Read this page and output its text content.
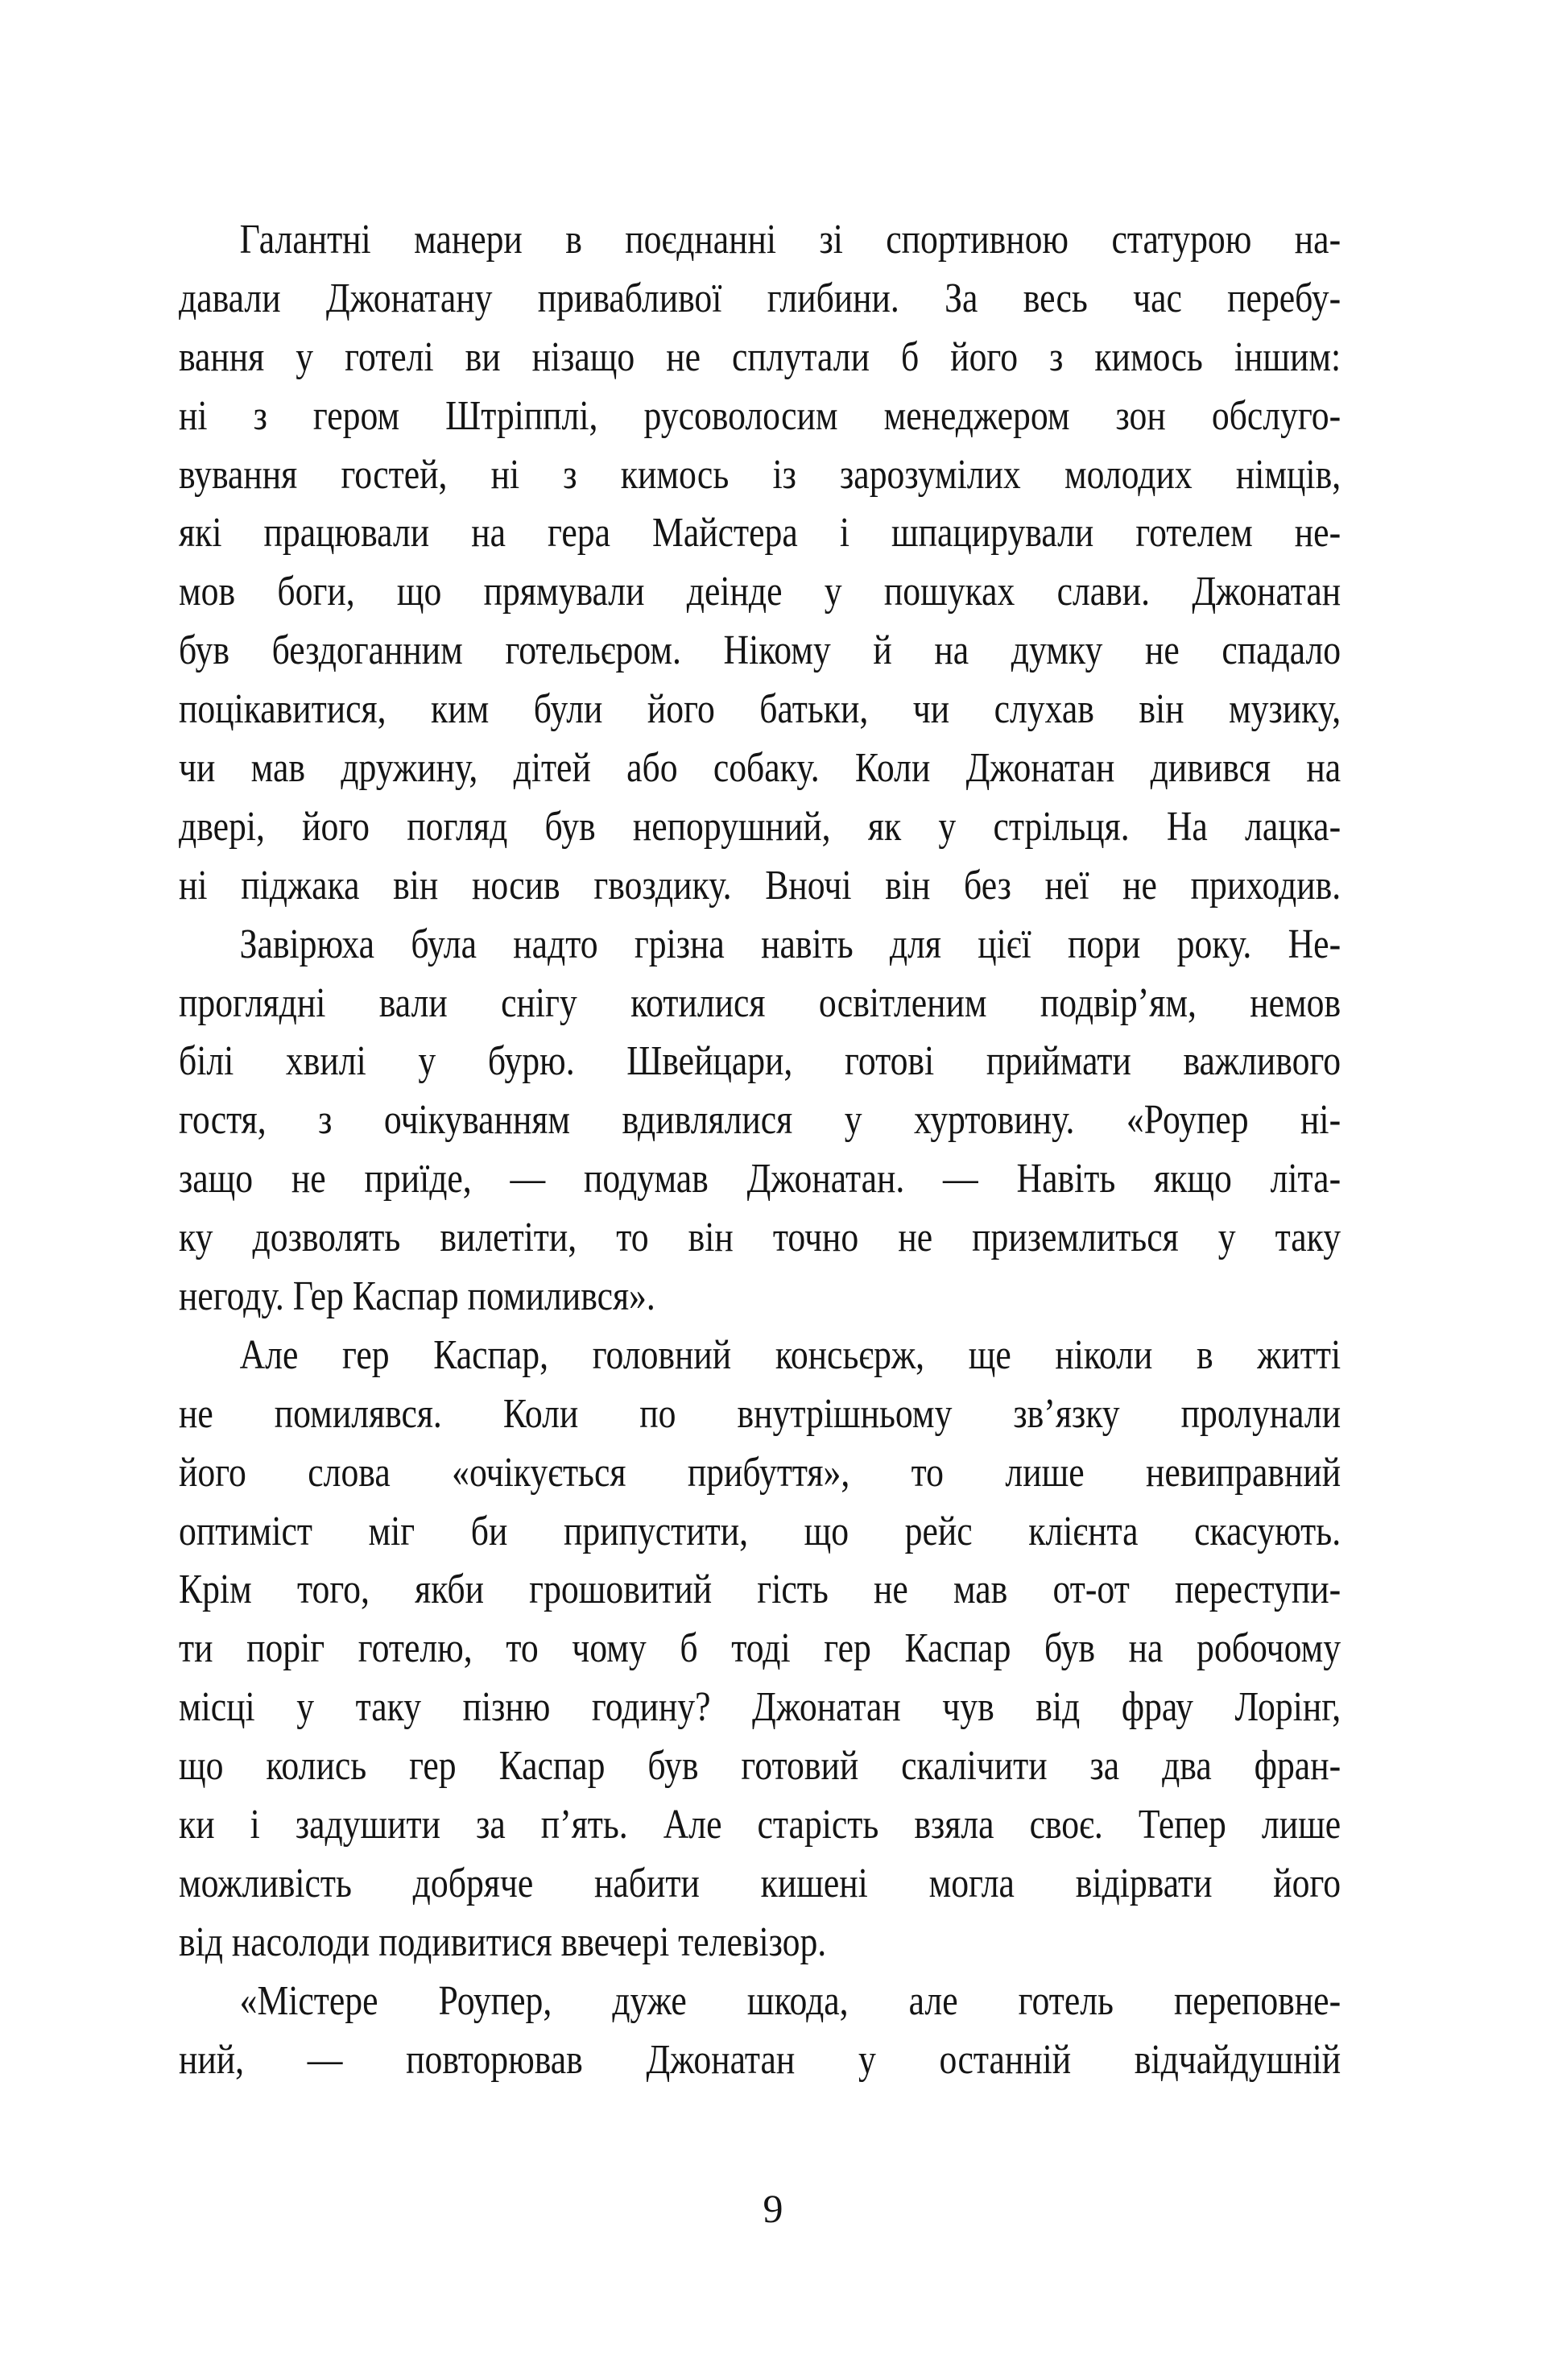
Галантні манери в поєднанні зі спортивною статурою на-
давали Джонатану привабливої глибини. За весь час перебу-
вання у готелі ви нізащо не сплутали б його з кимось іншим:
ні з гером Штріпплі, русоволосим менеджером зон обслуго-
вування гостей, ні з кимось із зарозумілих молодих німців,
які працювали на гера Майстера і шпацирували готелем не-
мов боги, що прямували деінде у пошуках слави. Джонатан
був бездоганним готельєром. Нікому й на думку не спадало
поцікавитися, ким були його батьки, чи слухав він музику,
чи мав дружину, дітей або собаку. Коли Джонатан дивився на
двері, його погляд був непорушний, як у стрільця. На лацка-
ні піджака він носив гвоздику. Вночі він без неї не приходив.
Завірюха була надто грізна навіть для цієї пори року. Не-
проглядні вали снігу котилися освітленим подвір’ям, немов
білі хвилі у бурю. Швейцари, готові приймати важливого
гостя, з очікуванням вдивлялися у хуртовину. «Роупер ні-
защо не приїде, — подумав Джонатан. — Навіть якщо літа-
ку дозволять вилетіти, то він точно не приземлиться у таку
негоду. Гер Каспар помилився».
Але гер Каспар, головний консьєрж, ще ніколи в житті
не помилявся. Коли по внутрішньому зв’язку пролунали
його слова «очікується прибуття», то лише невиправний
оптиміст міг би припустити, що рейс клієнта скасують.
Крім того, якби грошовитий гість не мав от-от переступи-
ти поріг готелю, то чому б тоді гер Каспар був на робочому
місці у таку пізню годину? Джонатан чув від фрау Лорінг,
що колись гер Каспар був готовий скалічити за два фран-
ки і задушити за п’ять. Але старість взяла своє. Тепер лише
можливість добряче набити кишені могла відірвати його
від насолоди подивитися ввечері телевізор.
«Містере Роупер, дуже шкода, але готель переповне-
ний, — повторював Джонатан у останній відчайдушній
9
